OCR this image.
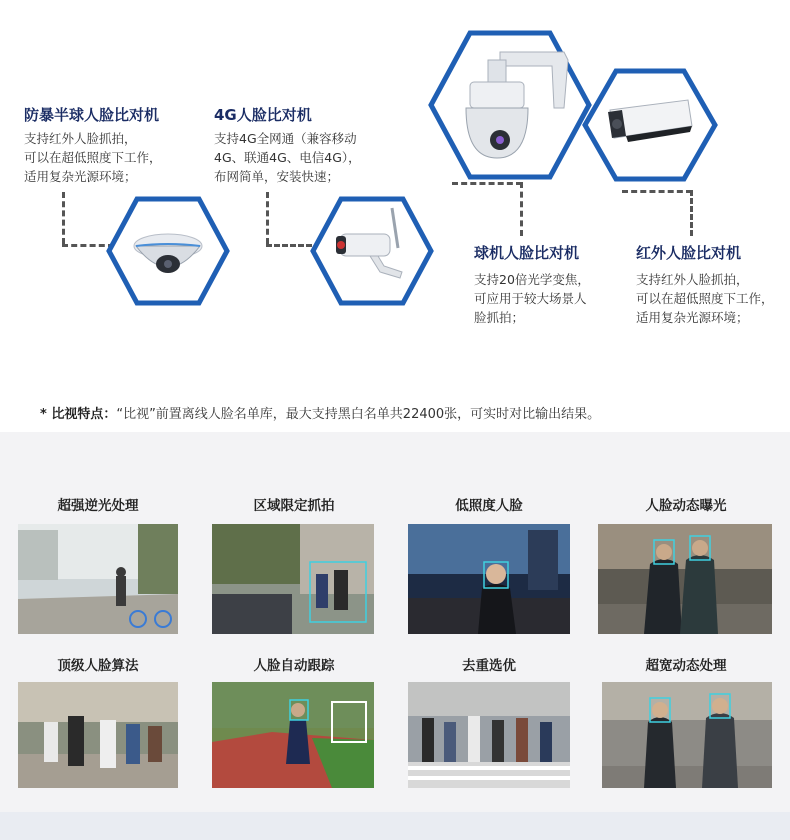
防暴半球人脸比对机
支持红外人脸抓拍，
可以在超低照度下工作，
适用复杂光源环境；
4G人脸比对机
支持4G全网通（兼容移动
4G、联通4G、电信4G），
布网简单，安装快速；
球机人脸比对机
支持20倍光学变焦，
可应用于较大场景人
脸抓拍；
红外人脸比对机
支持红外人脸抓拍，
可以在超低照度下工作，
适用复杂光源环境；
* 比视特点：“比视”前置离线人脸名单库，最大支持黑白名单共22400张，可实时对比输出结果。
超强逆光处理	区域限定抓拍	低照度人脸	人脸动态曝光
顶级人脸算法	人脸自动跟踪	去重选优	超宽动态处理
